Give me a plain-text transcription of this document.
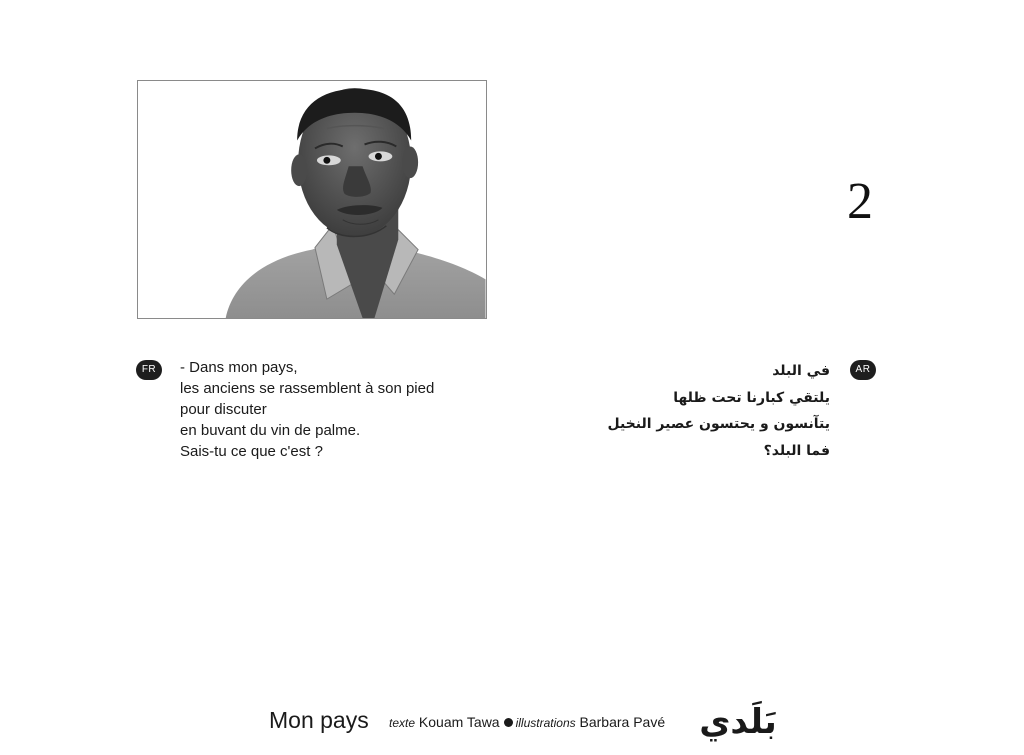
2
FR	- Dans mon pays,
les anciens se rassemblent à son pied
pour discuter
en buvant du vin de palme.
Sais-tu ce que c'est ?
AR
في البلد
يلتقي كبارنا تحت ظلها
يتآنسون و يحتسون عصير النخيل
فما البلد؟
Mon pays texte Kouam Tawa illustrations Barbara Pavé	بَلَدي
